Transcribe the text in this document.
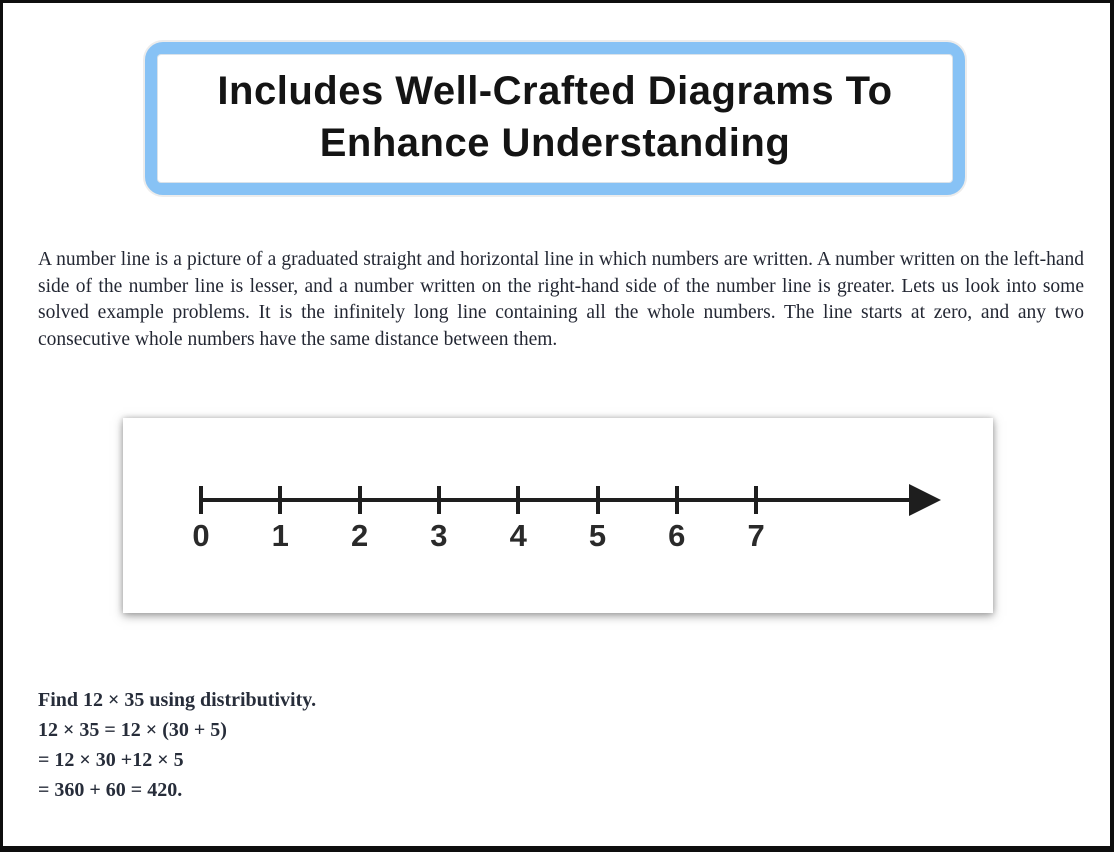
Includes Well-Crafted Diagrams To Enhance Understanding

A number line is a picture of a graduated straight and horizontal line in which numbers are written. A number written on the left-hand side of the number line is lesser, and a number written on the right-hand side of the number line is greater. Lets us look into some solved example problems. It is the infinitely long line containing all the whole numbers. The line starts at zero, and any two consecutive whole numbers have the same distance between them.

0 1 2 3 4 5 6 7
Find 12 × 35 using distributivity.
12 × 35 = 12 × (30 + 5)
= 12 × 30 +12 × 5
= 360 + 60 = 420.
